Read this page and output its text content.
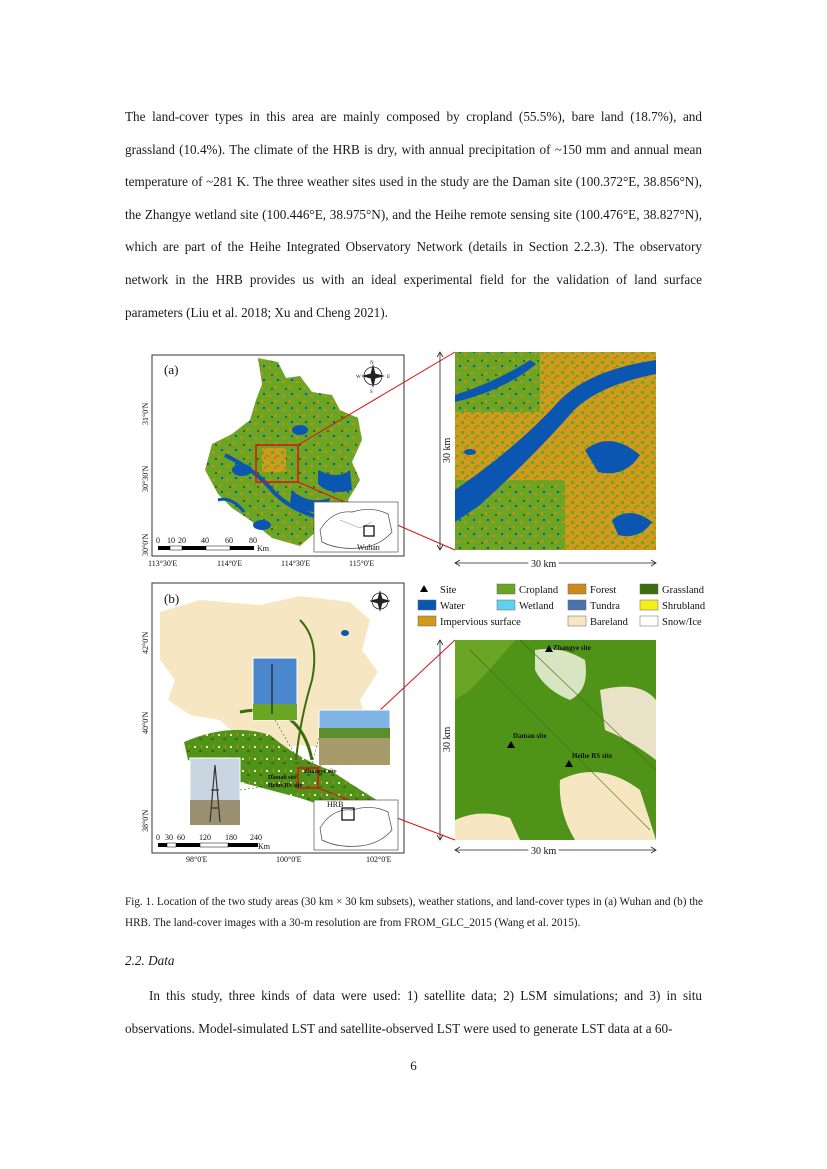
The land-cover types in this area are mainly composed by cropland (55.5%), bare land (18.7%), and grassland (10.4%). The climate of the HRB is dry, with annual precipitation of ~150 mm and annual mean temperature of ~281 K. The three weather sites used in the study are the Daman site (100.372°E, 38.856°N), the Zhangye wetland site (100.446°E, 38.975°N), and the Heihe remote sensing site (100.476°E, 38.827°N), which are part of the Heihe Integrated Observatory Network (details in Section 2.2.3). The observatory network in the HRB provides us with an ideal experimental field for the validation of land surface parameters (Liu et al. 2018; Xu and Cheng 2021).

N
W	E
S
(a)
Wuhan
0 10 20 40 60 80
Km
31°0'N
30°30'N
30°0'N
113°30'E	114°0'E	114°30'E	115°0'E
30 km
30 km
Daman site
Zhangye site
Heihe RS site
(b)
HRB
0 30 60 120 180 240
Km
42°0'N
40°0'N
38°0'N
98°0'E	100°0'E	102°0'E
Site	Cropland	Forest	Grassland
Water	Wetland	Tundra	Shrubland
Impervious surface	Bareland	Snow/Ice
Zhangye site
Daman site
Heihe RS site
30 km
30 km

Fig. 1. Location of the two study areas (30 km × 30 km subsets), weather stations, and land-cover types in (a) Wuhan and (b) the HRB. The land-cover images with a 30-m resolution are from FROM_GLC_2015 (Wang et al. 2015).

2.2. Data

In this study, three kinds of data were used: 1) satellite data; 2) LSM simulations; and 3) in situ observations. Model-simulated LST and satellite-observed LST were used to generate LST data at a 60-

6
